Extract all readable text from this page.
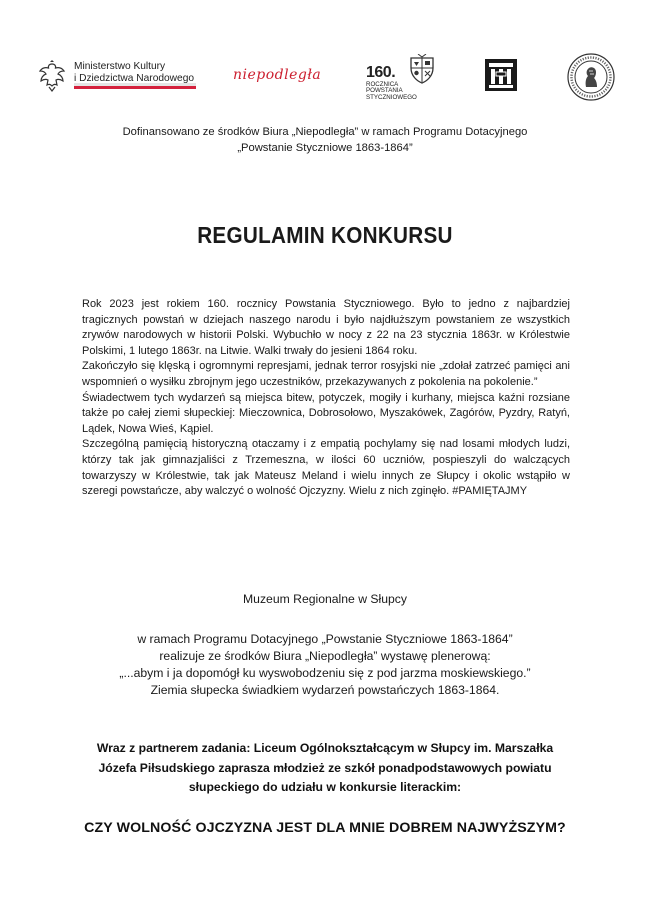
Ministerstwo Kultury
i Dziedzictwa Narodowego	niepodległa	160.
ROCZNICA
POWSTANIA
STYCZNIOWEGO
Dofinansowano ze środków Biura „Niepodległa” w ramach Programu Dotacyjnego
„Powstanie Styczniowe 1863-1864”
REGULAMIN KONKURSU

Rok 2023 jest rokiem 160. rocznicy Powstania Styczniowego. Było to jedno z najbardziej tragicznych powstań w dziejach naszego narodu i było najdłuższym powstaniem ze wszystkich zrywów narodowych w historii Polski. Wybuchło w nocy z 22 na 23 stycznia 1863r. w Królestwie Polskimi, 1 lutego 1863r. na Litwie. Walki trwały do jesieni 1864 roku.

Zakończyło się klęską i ogromnymi represjami, jednak terror rosyjski nie „zdołał zatrzeć pamięci ani wspomnień o wysiłku zbrojnym jego uczestników, przekazywanych z pokolenia na pokolenie.”

Świadectwem tych wydarzeń są miejsca bitew, potyczek, mogiły i kurhany, miejsca kaźni rozsiane także po całej ziemi słupeckiej: Mieczownica, Dobrosołowo, Myszakówek, Zagórów, Pyzdry, Ratyń, Lądek, Nowa Wieś, Kąpiel.

Szczególną pamięcią historyczną otaczamy i z empatią pochylamy się nad losami młodych ludzi, którzy tak jak gimnazjaliści z Trzemeszna, w ilości 60 uczniów, pospieszyli do walczących towarzyszy w Królestwie, tak jak Mateusz Meland i wielu innych ze Słupcy i okolic wstąpiło w szeregi powstańcze, aby walczyć o wolność Ojczyzny. Wielu z nich zginęło. #PAMIĘTAJMY

Muzeum Regionalne w Słupcy
w ramach Programu Dotacyjnego „Powstanie Styczniowe 1863-1864”
realizuje ze środków Biura „Niepodległa” wystawę plenerową:
„...abym i ja dopomógł ku wyswobodzeniu się z pod jarzma moskiewskiego.”
Ziemia słupecka świadkiem wydarzeń powstańczych 1863-1864.
Wraz z partnerem zadania: Liceum Ogólnokształcącym w Słupcy im. Marszałka
Józefa Piłsudskiego zaprasza młodzież ze szkół ponadpodstawowych powiatu
słupeckiego do udziału w konkursie literackim:
CZY WOLNOŚĆ OJCZYZNA JEST DLA MNIE DOBREM NAJWYŻSZYM?
